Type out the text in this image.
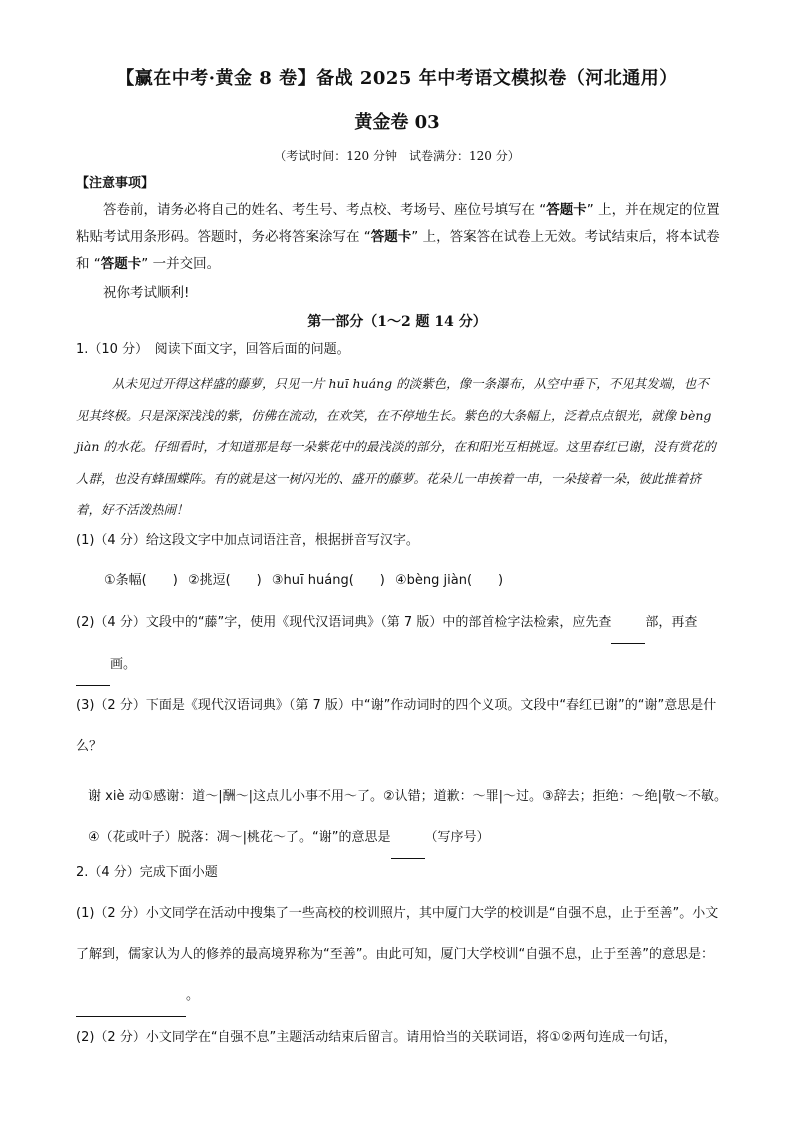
【赢在中考·黄金 8 卷】备战 2025 年中考语文模拟卷（河北通用）
黄金卷 03
（考试时间：120 分钟　试卷满分：120 分）
【注意事项】

答卷前，请务必将自己的姓名、考生号、考点校、考场号、座位号填写在 “答题卡” 上，并在规定的位置粘贴考试用条形码。答题时，务必将答案涂写在 “答题卡” 上，答案答在试卷上无效。考试结束后，将本试卷和 “答题卡” 一并交回。

祝你考试顺利!
第一部分（1～2 题 14 分）
1.（10 分）　阅读下面文字，回答后面的问题。

从未见过开得这样盛的藤萝，只见一片 huī huáng 的淡紫色，像一条瀑布，从空中垂下，不见其发端，也不见其终极。只是深深浅浅的紫，仿佛在流动，在欢笑，在不停地生长。紫色的大条幅上，泛着点点银光，就像 bèng jiàn 的水花。仔细看时，才知道那是每一朵紫花中的最浅淡的部分，在和阳光互相挑逗。这里春红已谢，没有赏花的人群，也没有蜂围蝶阵。有的就是这一树闪光的、盛开的藤萝。花朵儿一串挨着一串，一朵接着一朵，彼此推着挤着，好不活泼热闹！

(1)（4 分）给这段文字中加点词语注音，根据拼音写汉字。

①条幅(　　) ②挑逗(　　) ③huī huáng(　　) ④bèng jiàn(　　)

(2)（4 分）文段中的“藤”字，使用《现代汉语词典》（第 7 版）中的部首检字法检索，应先查	部，再查 画。

(3)（2 分）下面是《现代汉语词典》（第 7 版）中“谢”作动词时的四个义项。文段中“春红已谢”的“谢”意思是什么？

谢 xiè 动①感谢：道～|酬～|这点儿小事不用～了。②认错；道歉：～罪|～过。③辞去；拒绝：～绝|敬～不敏。④（花或叶子）脱落：凋～|桃花～了。“谢”的意思是	（写序号）

2.（4 分）完成下面小题

(1)（2 分）小文同学在活动中搜集了一些高校的校训照片，其中厦门大学的校训是“自强不息，止于至善”。小文了解到，儒家认为人的修养的最高境界称为“至善”。由此可知，厦门大学校训“自强不息，止于至善”的意思是： 。

(2)（2 分）小文同学在“自强不息”主题活动结束后留言。请用恰当的关联词语，将①②两句连成一句话，
